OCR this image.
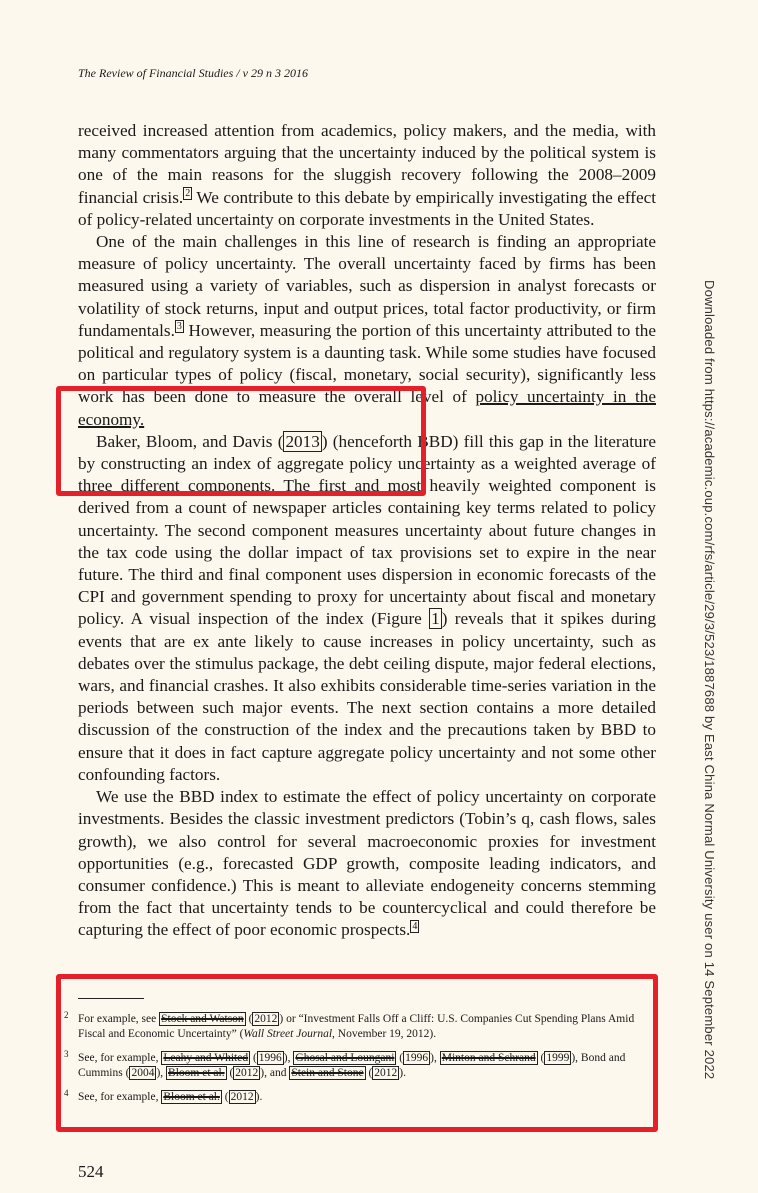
The Review of Financial Studies / v 29 n 3 2016

received increased attention from academics, policy makers, and the media, with many commentators arguing that the uncertainty induced by the political system is one of the main reasons for the sluggish recovery following the 2008–2009 financial crisis. $^2$ We contribute to this debate by empirically investigating the effect of policy-related uncertainty on corporate investments in the United States.

One of the main challenges in this line of research is finding an appropriate measure of policy uncertainty. The overall uncertainty faced by firms has been measured using a variety of variables, such as dispersion in analyst forecasts or volatility of stock returns, input and output prices, total factor productivity, or firm fundamentals. $^3$ However, measuring the portion of this uncertainty attributed to the political and regulatory system is a daunting task. While some studies have focused on particular types of policy (fiscal, monetary, social security), significantly less work has been done to measure the overall level of policy uncertainty in the economy.

Baker, Bloom, and Davis ( 2013 ) (henceforth BBD) fill this gap in the literature by constructing an index of aggregate policy uncertainty as a weighted average of three different components. The first and most heavily weighted component is derived from a count of newspaper articles containing key terms related to policy uncertainty. The second component measures uncertainty about future changes in the tax code using the dollar impact of tax provisions set to expire in the near future. The third and final component uses dispersion in economic forecasts of the CPI and government spending to proxy for uncertainty about fiscal and monetary policy. A visual inspection of the index (Figure 1 ) reveals that it spikes during events that are ex ante likely to cause increases in policy uncertainty, such as debates over the stimulus package, the debt ceiling dispute, major federal elections, wars, and financial crashes. It also exhibits considerable time-series variation in the periods between such major events. The next section contains a more detailed discussion of the construction of the index and the precautions taken by BBD to ensure that it does in fact capture aggregate policy uncertainty and not some other confounding factors.

We use the BBD index to estimate the effect of policy uncertainty on corporate investments. Besides the classic investment predictors (Tobin’s q, cash flows, sales growth), we also control for several macroeconomic proxies for investment opportunities (e.g., forecasted GDP growth, composite leading indicators, and consumer confidence.) This is meant to alleviate endogeneity concerns stemming from the fact that uncertainty tends to be countercyclical and could therefore be capturing the effect of poor economic prospects. $^4$

2 For example, see Stock and Watson ( 2012 ) or “Investment Falls Off a Cliff: U.S. Companies Cut Spending Plans Amid Fiscal and Economic Uncertainty” (Wall Street Journal, November 19, 2012).
3 See, for example, Leahy and Whited ( 1996 ), Ghosal and Loungani ( 1996 ), Minton and Schrand ( 1999 ), Bond and Cummins ( 2004 ), Bloom et al. ( 2012 ), and Stein and Stone ( 2012 ).
4 See, for example, Bloom et al. ( 2012 ).
524
Downloaded from https://academic.oup.com/rfs/article/29/3/523/1887688 by East China Normal University user on 14 September 2022
